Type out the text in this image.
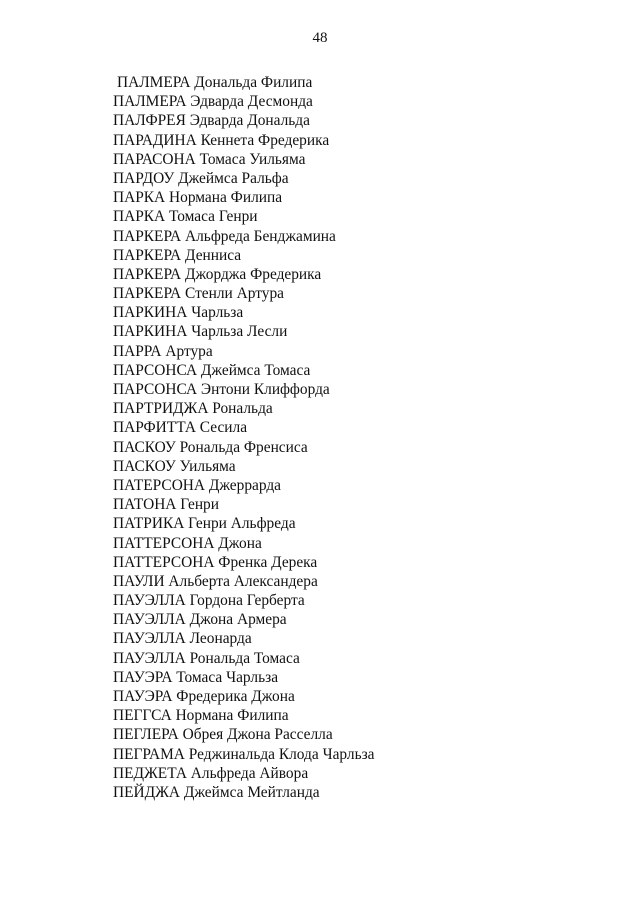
48
ПАЛМЕРА Дональда Филипа
ПАЛМЕРА Эдварда Десмонда
ПАЛФРЕЯ Эдварда Дональда
ПАРАДИНА Кеннета Фредерика
ПАРАСОНА Томаса Уильяма
ПАРДОУ Джеймса Ральфа
ПАРКА Нормана Филипа
ПАРКА Томаса Генри
ПАРКЕРА Альфреда Бенджамина
ПАРКЕРА Денниса
ПАРКЕРА Джорджа Фредерика
ПАРКЕРА Стенли Артура
ПАРКИНА Чарльза
ПАРКИНА Чарльза Лесли
ПАРРА Артура
ПАРСОНСА Джеймса Томаса
ПАРСОНСА Энтони Клиффорда
ПАРТРИДЖА Рональда
ПАРФИТТА Сесила
ПАСКОУ Рональда Френсиса
ПАСКОУ Уильяма
ПАТЕРСОНА Джеррарда
ПАТОНА Генри
ПАТРИКА Генри Альфреда
ПАТТЕРСОНА Джона
ПАТТЕРСОНА Френка Дерека
ПАУЛИ Альберта Александера
ПАУЭЛЛА Гордона Герберта
ПАУЭЛЛА Джона Армера
ПАУЭЛЛА Леонарда
ПАУЭЛЛА Рональда Томаса
ПАУЭРА Томаса Чарльза
ПАУЭРА Фредерика Джона
ПЕГГСА Нормана Филипа
ПЕГЛЕРА Обрея Джона Расселла
ПЕГРАМА Реджинальда Клода Чарльза
ПЕДЖЕТА Альфреда Айвора
ПЕЙДЖА Джеймса Мейтланда
